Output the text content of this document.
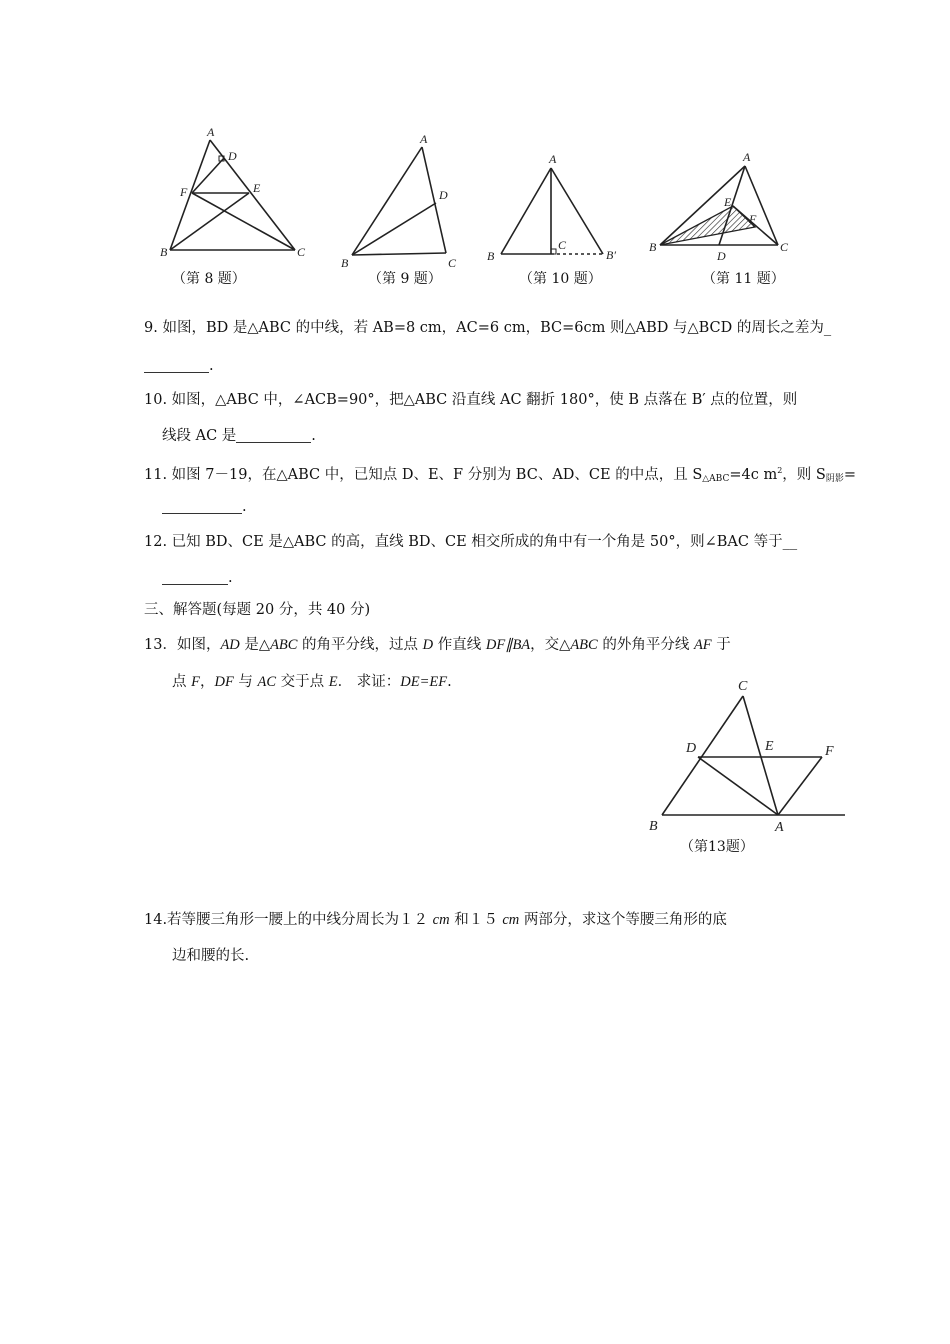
A
D
F	E
B	C
（第 8 题）
A
D
B	C
（第 9 题）
A
B
C
B′
（第 10 题）
A
E
F
B	C
D
（第 11 题）
9. 如图，BD 是△ABC 的中线，若 AB=8 cm，AC=6 cm，BC=6cm 则△ABD 与△BCD 的周长之差为_
.
10. 如图，△ABC 中，∠ACB=90°，把△ABC 沿直线 AC 翻折 180°，使 B 点落在 B′ 点的位置，则
线段 AC 是	.
11. 如图 7－19，在△ABC 中，已知点 D、E、F 分别为 BC、AD、CE 的中点，且 $S_{\triangle ABC}=4c$ $m^2$，则 $S_{阴影}=$
.
12. 已知 BD、CE 是△ABC 的高，直线 BD、CE 相交所成的角中有一个角是 50°，则∠BAC 等于__
.
三、解答题(每题 20 分，共 40 分)
13．如图，AD 是△ABC 的角平分线，过点 D 作直线 DF∥BA，交△ABC 的外角平分线 AF 于
点 F，DF 与 AC 交于点 E． 求证：DE=EF.	C
D	E	F
B	A
（第13题）
14.若等腰三角形一腰上的中线分周长为１２ cm 和１５ cm 两部分，求这个等腰三角形的底
边和腰的长.
